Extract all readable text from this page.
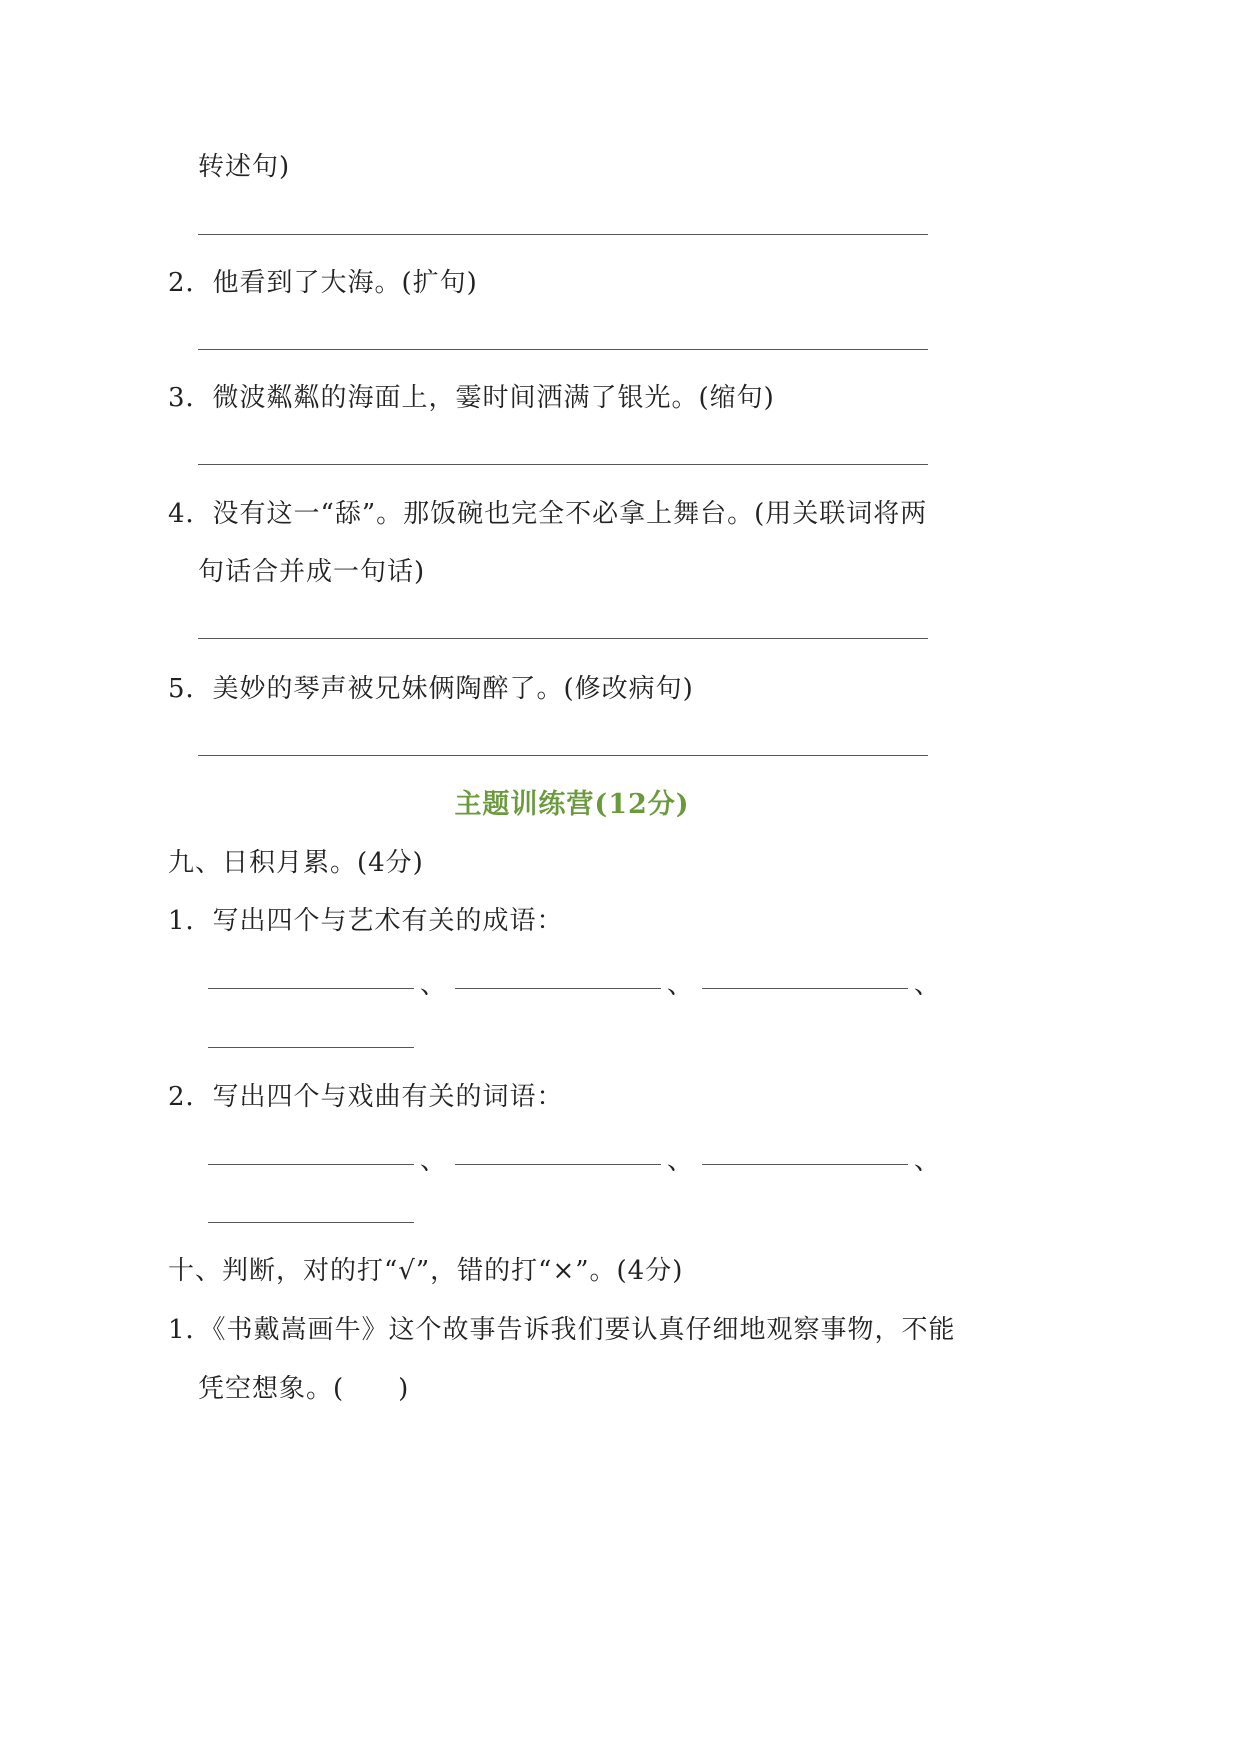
转述句)
2．他看到了大海。(扩句)
3．微波粼粼的海面上，霎时间洒满了银光。(缩句)
4．没有这一“舔”。那饭碗也完全不必拿上舞台。(用关联词将两
句话合并成一句话)
5．美妙的琴声被兄妹俩陶醉了。(修改病句)
主题训练营(12分)
九、日积月累。(4分)
1．写出四个与艺术有关的成语：
、	、	、
2．写出四个与戏曲有关的词语：
、	、	、
十、判断，对的打“√”，错的打“×”。(4分)
1．《书戴嵩画牛》这个故事告诉我们要认真仔细地观察事物，不能
凭空想象。(　　)
